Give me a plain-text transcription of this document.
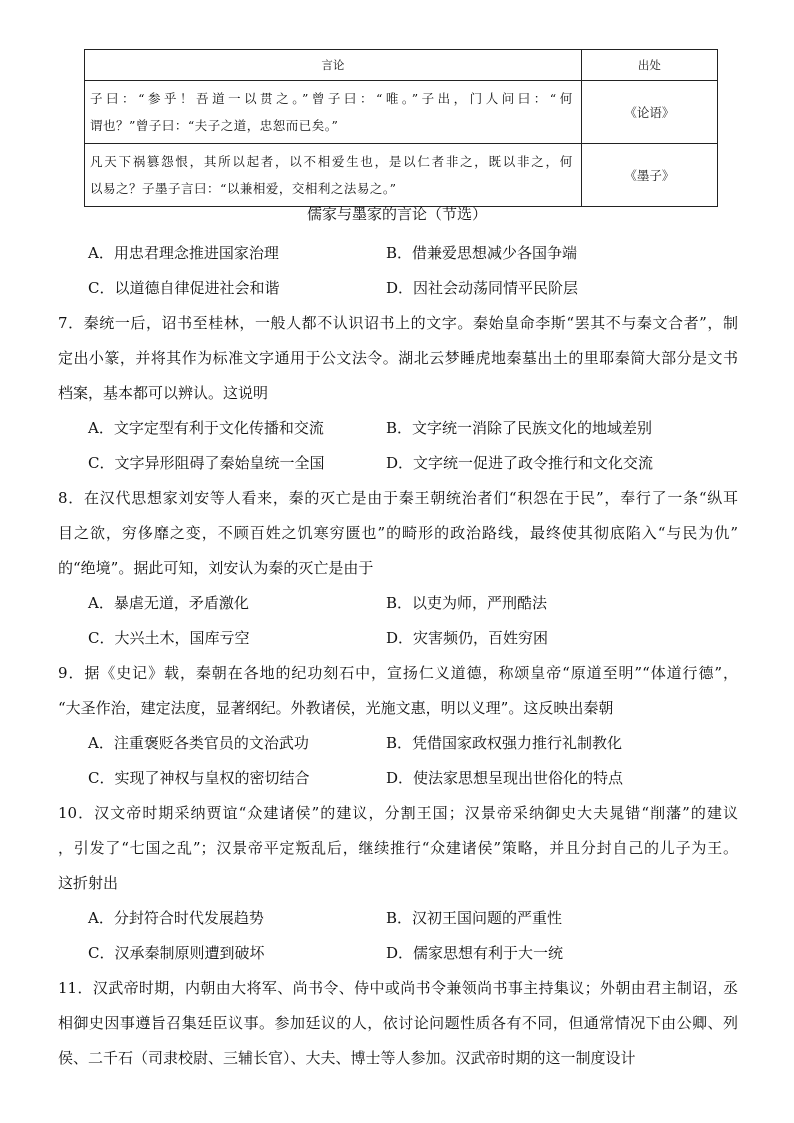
言论	出处

子曰：“参乎！吾道一以贯之。”曾子曰：“唯。”子出，门人问曰：“何
谓也？”曾子曰：“夫子之道，忠恕而已矣。”	《论语》

凡天下祸篡怨恨，其所以起者，以不相爱生也，是以仁者非之，既以非之，何
以易之？子墨子言曰：“以兼相爱，交相利之法易之。”	《墨子》
儒家与墨家的言论（节选）
A．用忠君理念推进国家治理	B．借兼爱思想减少各国争端
C．以道德自律促进社会和谐	D．因社会动荡同情平民阶层
7．秦统一后，诏书至桂林，一般人都不认识诏书上的文字。秦始皇命李斯“罢其不与秦文合者”，制
定出小篆，并将其作为标准文字通用于公文法令。湖北云梦睡虎地秦墓出土的里耶秦简大部分是文书
档案，基本都可以辨认。这说明
A．文字定型有利于文化传播和交流	B．文字统一消除了民族文化的地域差别
C．文字异形阻碍了秦始皇统一全国	D．文字统一促进了政令推行和文化交流
8．在汉代思想家刘安等人看来，秦的灭亡是由于秦王朝统治者们“积怨在于民”，奉行了一条“纵耳
目之欲，穷侈靡之变，不顾百姓之饥寒穷匮也”的畸形的政治路线，最终使其彻底陷入“与民为仇”
的“绝境”。据此可知，刘安认为秦的灭亡是由于
A．暴虐无道，矛盾激化	B．以吏为师，严刑酷法
C．大兴土木，国库亏空	D．灾害频仍，百姓穷困
9．据《史记》载，秦朝在各地的纪功刻石中，宣扬仁义道德，称颂皇帝“原道至明”“体道行德”，
“大圣作治，建定法度，显著纲纪。外教诸侯，光施文惠，明以义理”。这反映出秦朝
A．注重褒贬各类官员的文治武功	B．凭借国家政权强力推行礼制教化
C．实现了神权与皇权的密切结合	D．使法家思想呈现出世俗化的特点
10．汉文帝时期采纳贾谊“众建诸侯”的建议，分割王国；汉景帝采纳御史大夫晁错“削藩”的建议
，引发了“七国之乱”；汉景帝平定叛乱后，继续推行“众建诸侯”策略，并且分封自己的儿子为王。
这折射出
A．分封符合时代发展趋势	B．汉初王国问题的严重性
C．汉承秦制原则遭到破坏	D．儒家思想有利于大一统
11．汉武帝时期，内朝由大将军、尚书令、侍中或尚书令兼领尚书事主持集议；外朝由君主制诏，丞
相御史因事遵旨召集廷臣议事。参加廷议的人，依讨论问题性质各有不同，但通常情况下由公卿、列
侯、二千石（司隶校尉、三辅长官）、大夫、博士等人参加。汉武帝时期的这一制度设计
